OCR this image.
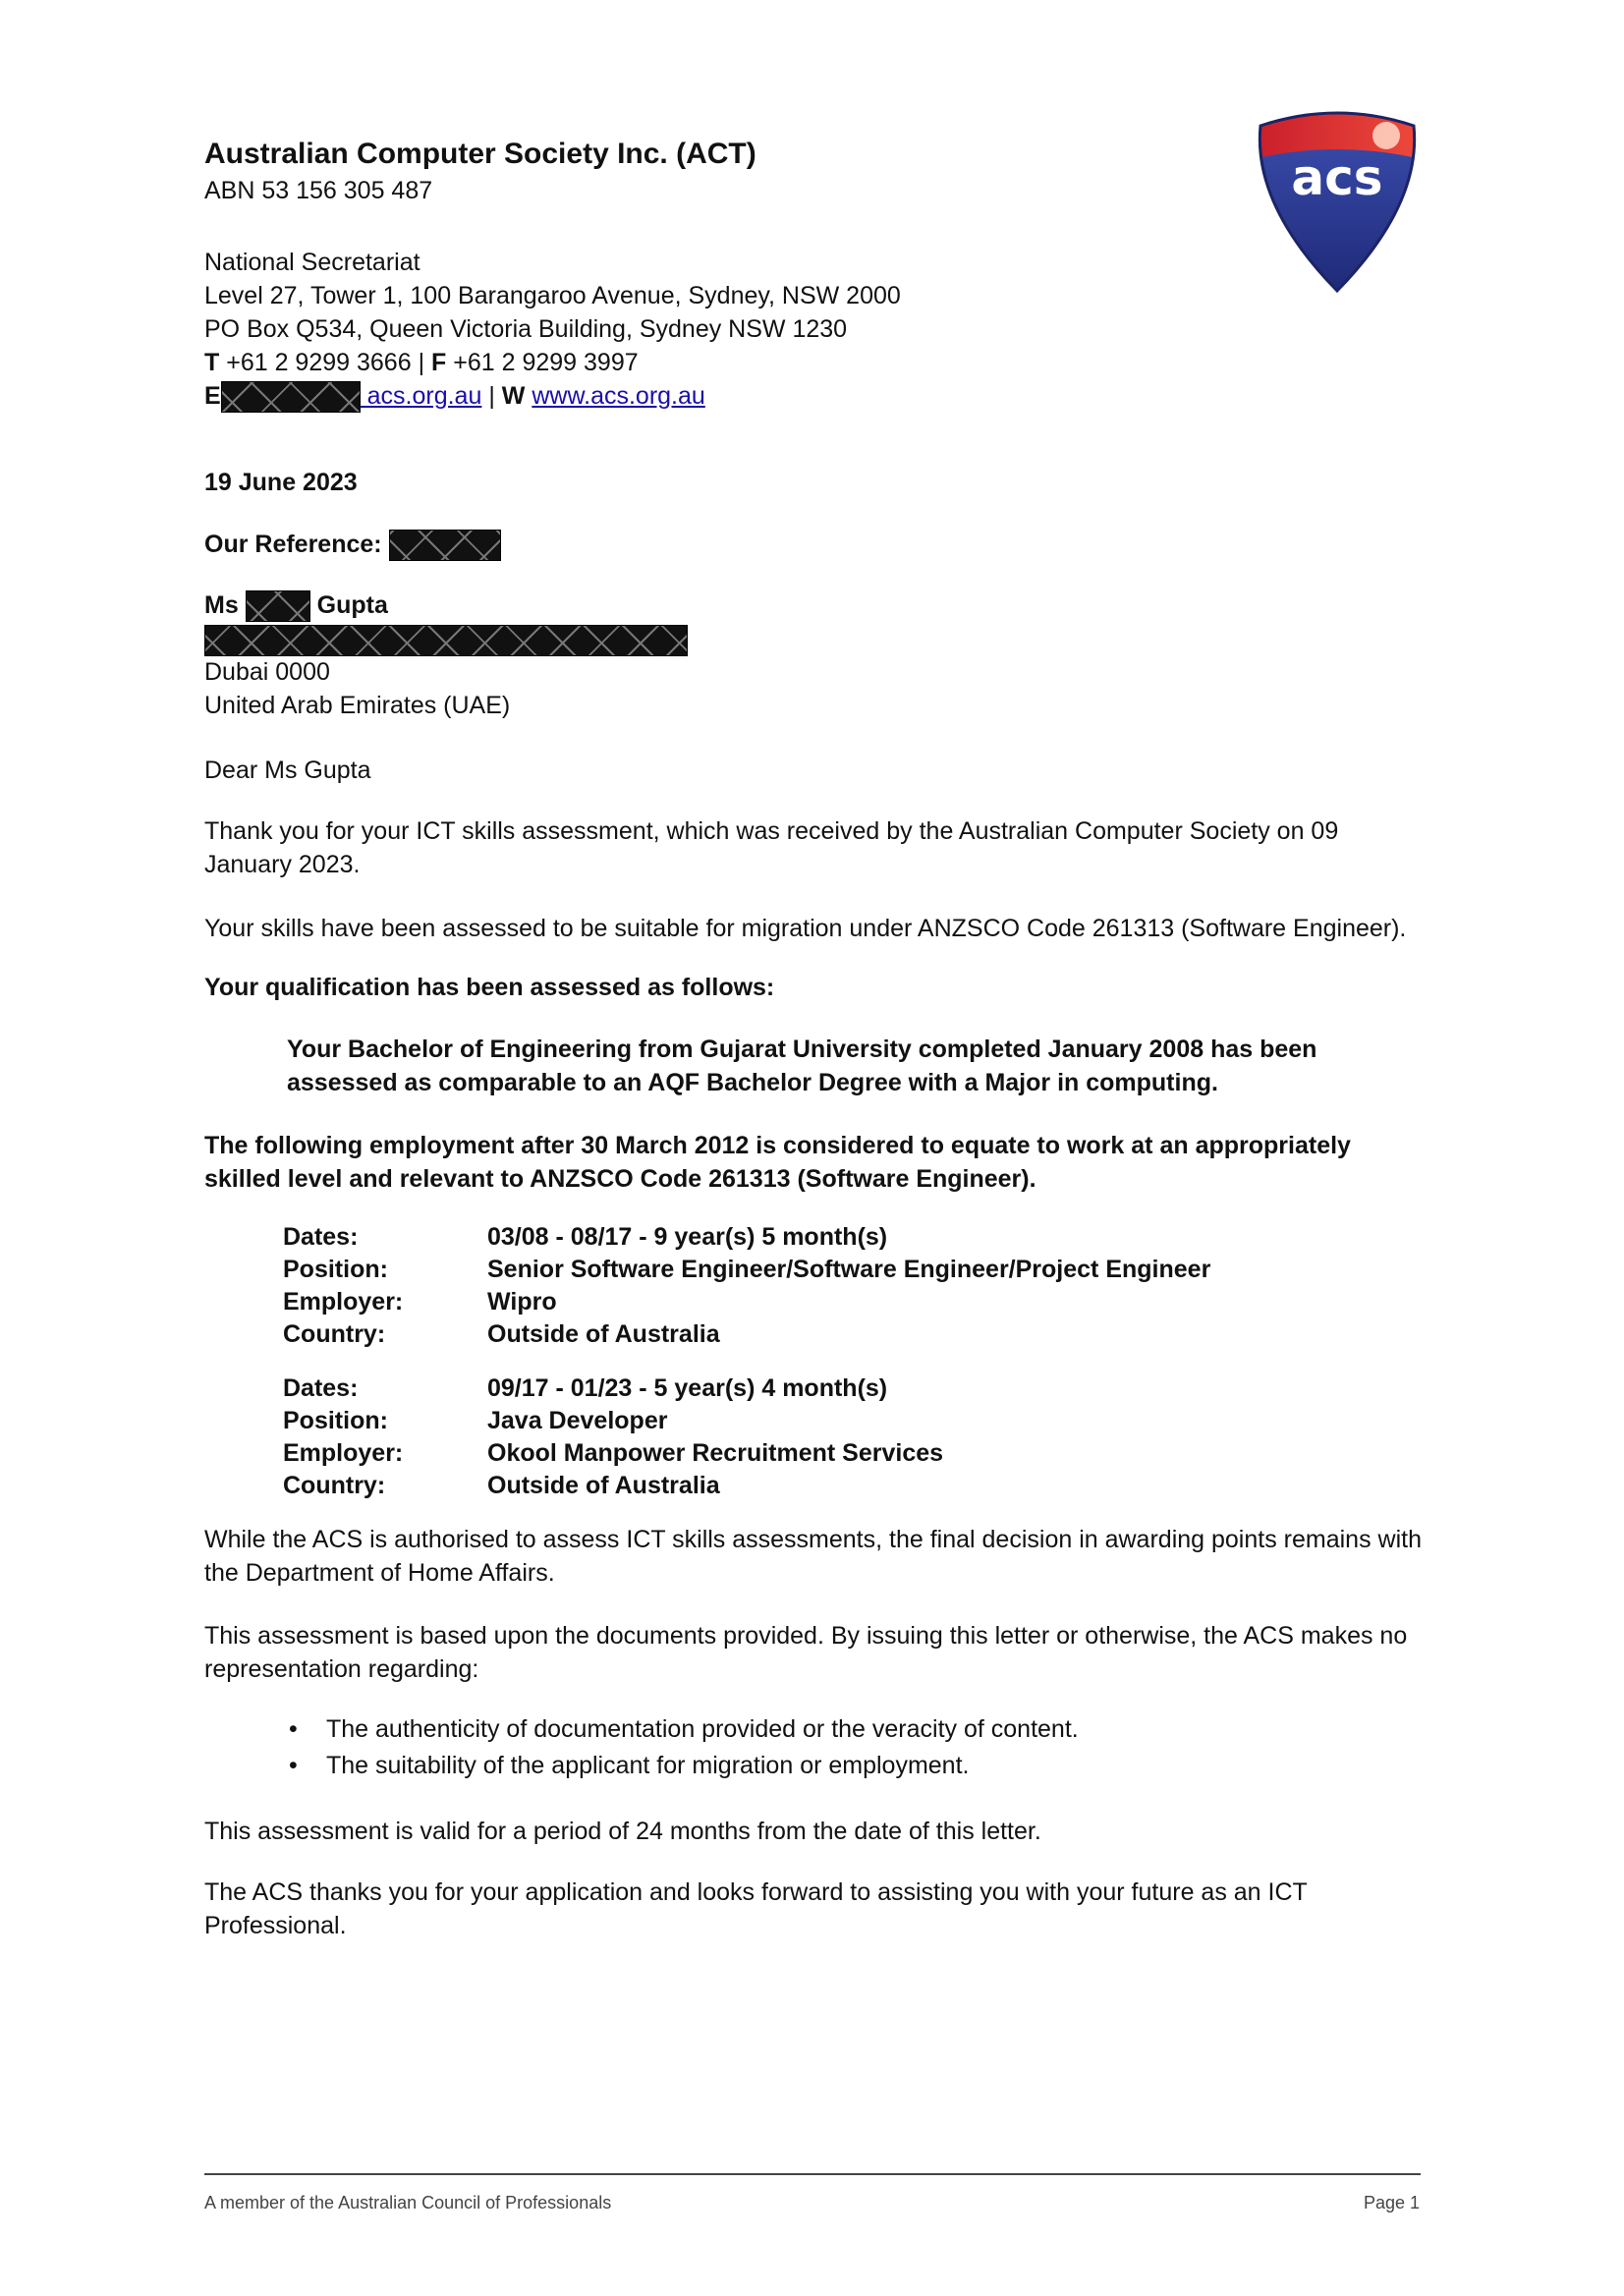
acs
Australian Computer Society Inc. (ACT)
ABN 53 156 305 487
National Secretariat
Level 27, Tower 1, 100 Barangaroo Avenue, Sydney, NSW 2000
PO Box Q534, Queen Victoria Building, Sydney NSW 1230
T +61 2 9299 3666 | F +61 2 9299 3997
E	acs.org.au | W www.acs.org.au
19 June 2023
Our Reference:
Ms	Gupta
Dubai 0000
United Arab Emirates (UAE)
Dear Ms Gupta
Thank you for your ICT skills assessment, which was received by the Australian Computer Society on 09 January 2023.
Your skills have been assessed to be suitable for migration under ANZSCO Code 261313 (Software Engineer).
Your qualification has been assessed as follows:
Your Bachelor of Engineering from Gujarat University completed January 2008 has been assessed as comparable to an AQF Bachelor Degree with a Major in computing.
The following employment after 30 March 2012 is considered to equate to work at an appropriately skilled level and relevant to ANZSCO Code 261313 (Software Engineer).
Dates:	03/08 - 08/17 - 9 year(s) 5 month(s)
Position:	Senior Software Engineer/Software Engineer/Project Engineer
Employer:	Wipro
Country:	Outside of Australia
Dates:	09/17 - 01/23 - 5 year(s) 4 month(s)
Position:	Java Developer
Employer:	Okool Manpower Recruitment Services
Country:	Outside of Australia
While the ACS is authorised to assess ICT skills assessments, the final decision in awarding points remains with the Department of Home Affairs.
This assessment is based upon the documents provided. By issuing this letter or otherwise, the ACS makes no representation regarding:
• The authenticity of documentation provided or the veracity of content.
• The suitability of the applicant for migration or employment.
This assessment is valid for a period of 24 months from the date of this letter.
The ACS thanks you for your application and looks forward to assisting you with your future as an ICT Professional.
A member of the Australian Council of Professionals	Page 1
